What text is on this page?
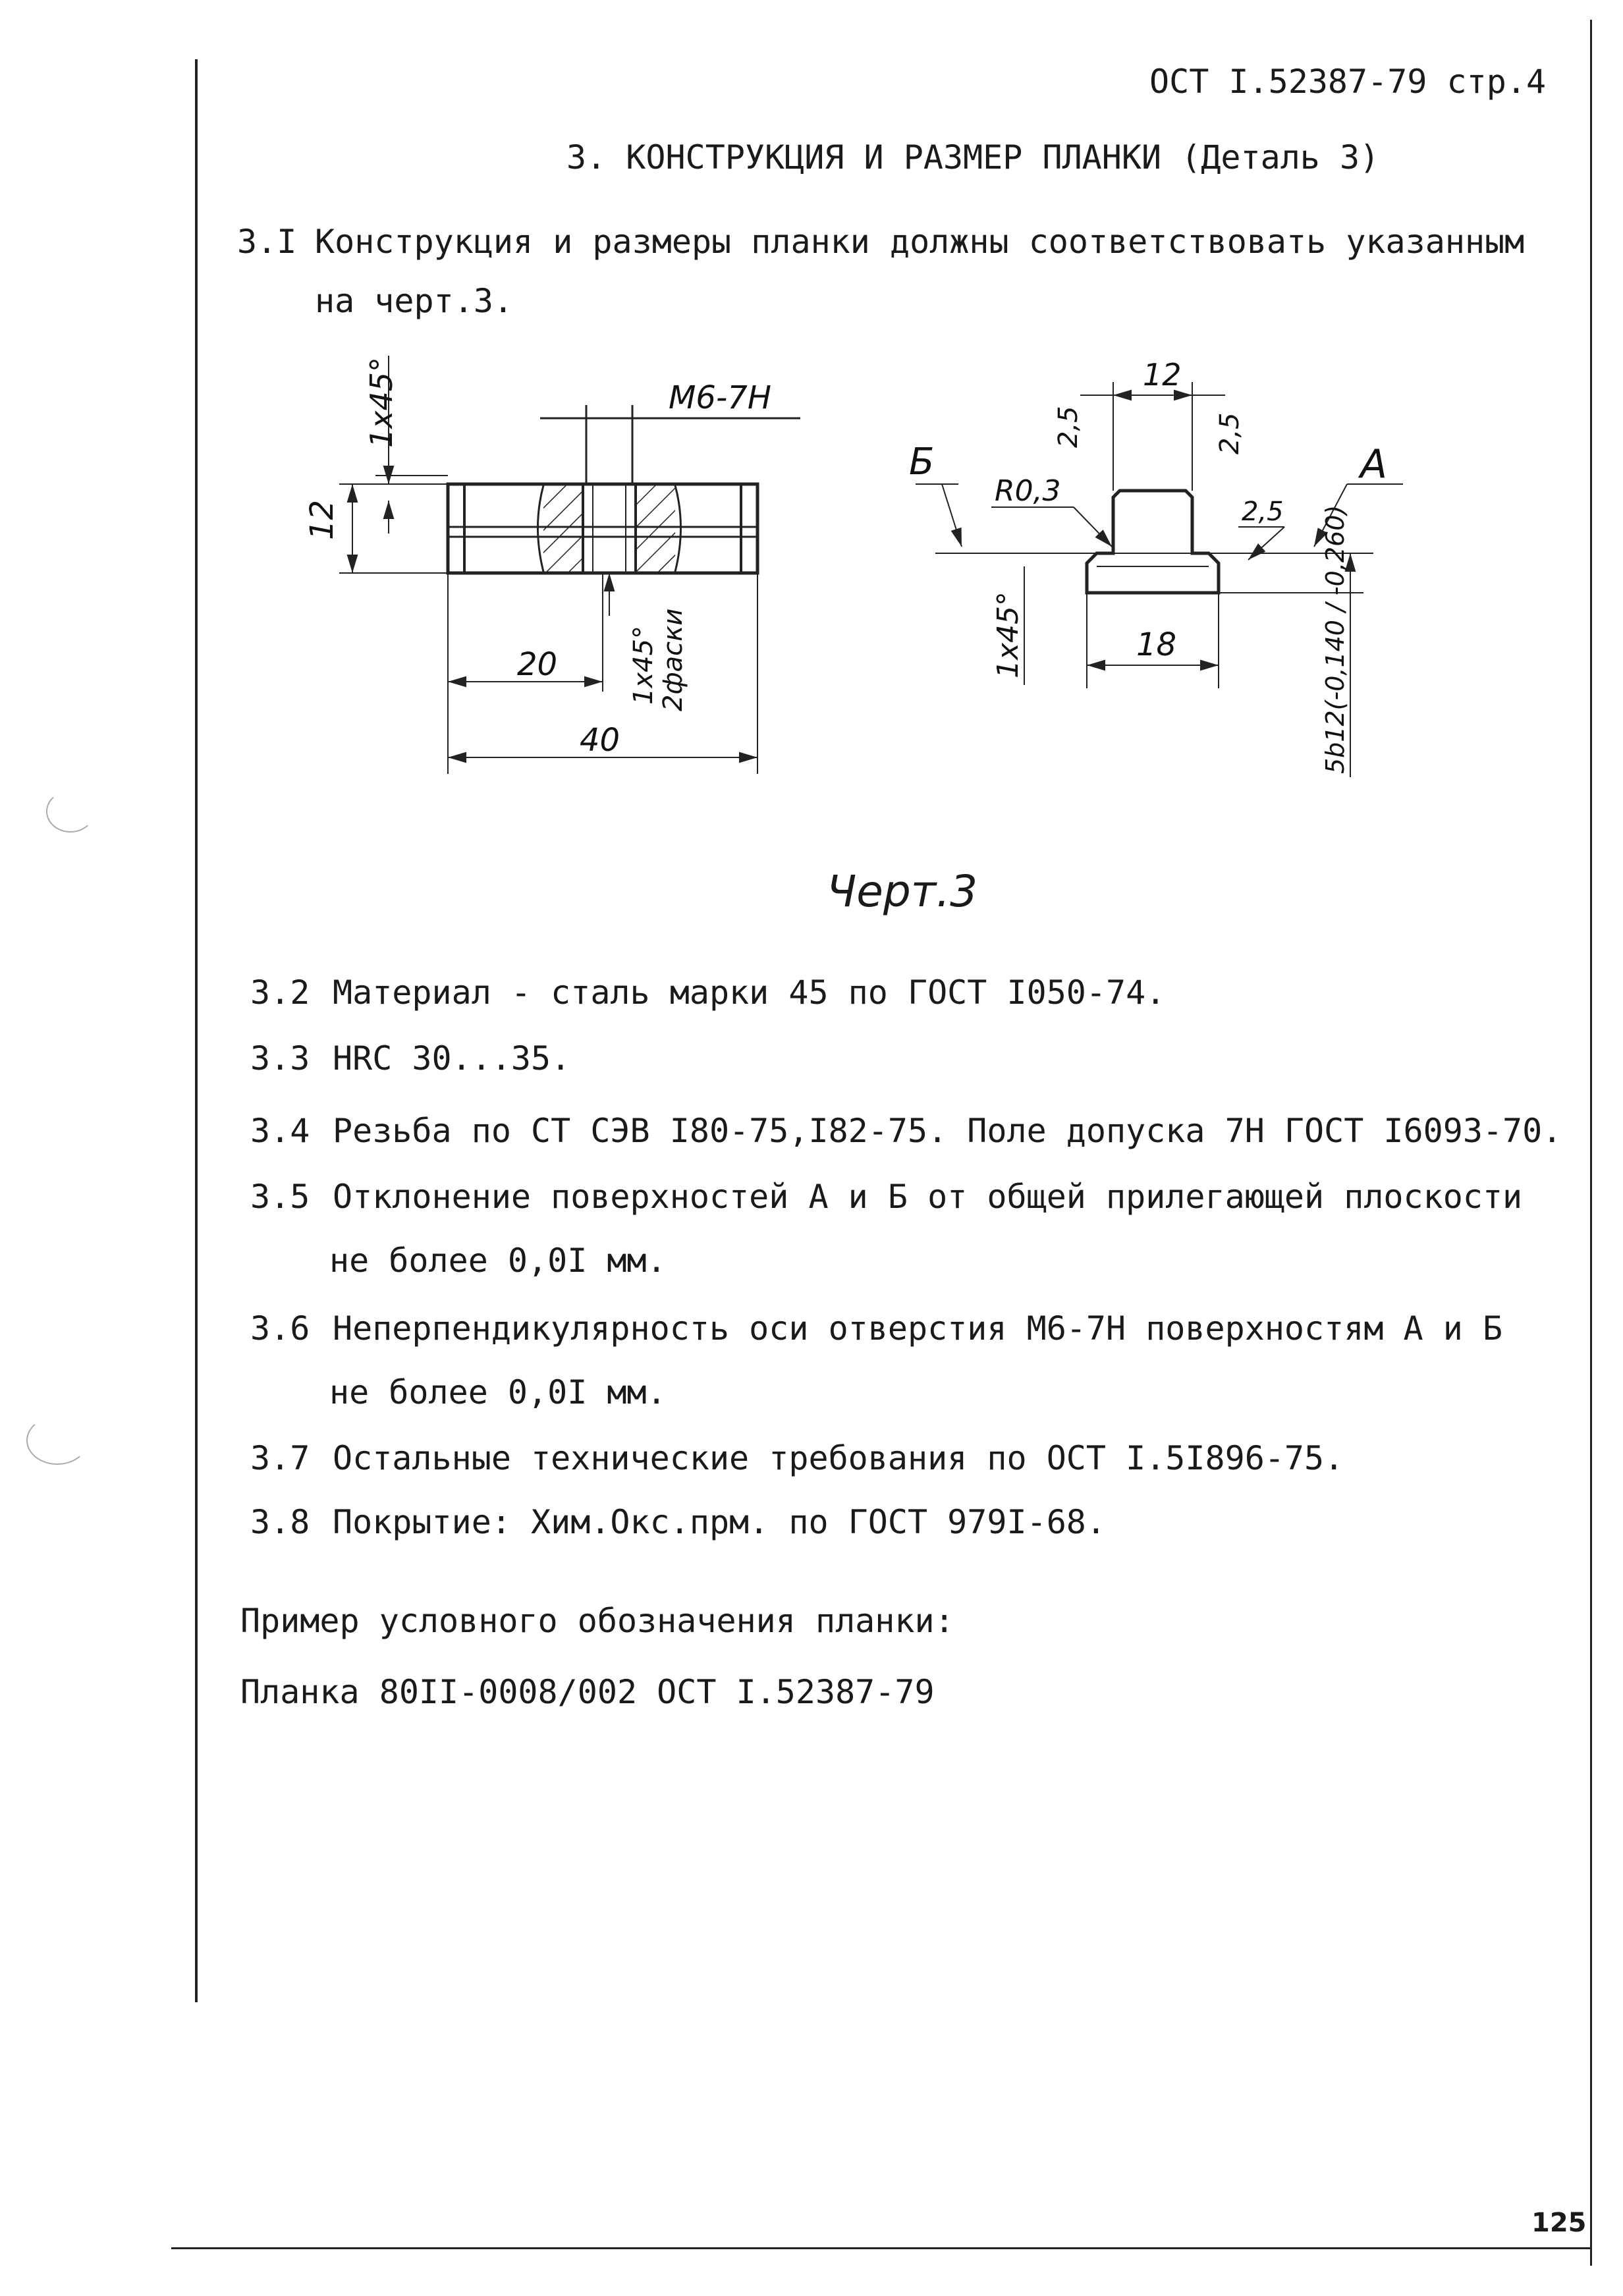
ОСТ I.52387-79 стр.4
3. КОНСТРУКЦИЯ И РАЗМЕР ПЛАНКИ (Деталь 3)
3.I Конструкция и размеры планки должны соответствовать указанным
на черт.3.
1x45°	M6-7H
12
20	1x45° 2фаски
40
12
2,5	2,5
R0,3
Б	A
2,5
1x45°	18	5b12(-0,140 / -0,260)
Черт.3
3.2 Материал - сталь марки 45 по ГОСТ I050-74.
3.3 HRC 30...35.
3.4 Резьба по СТ СЭВ I80-75,I82-75. Поле допуска 7H ГОСТ I6093-70.
3.5 Отклонение поверхностей А и Б от общей прилегающей плоскости
не более 0,0I мм.
3.6 Неперпендикулярность оси отверстия М6-7H поверхностям А и Б
не более 0,0I мм.
3.7 Остальные технические требования по ОСТ I.5I896-75.
3.8 Покрытие: Хим.Окс.прм. по ГОСТ 979I-68.
Пример условного обозначения планки:
Планка 80II-0008/002 ОСТ I.52387-79
125
